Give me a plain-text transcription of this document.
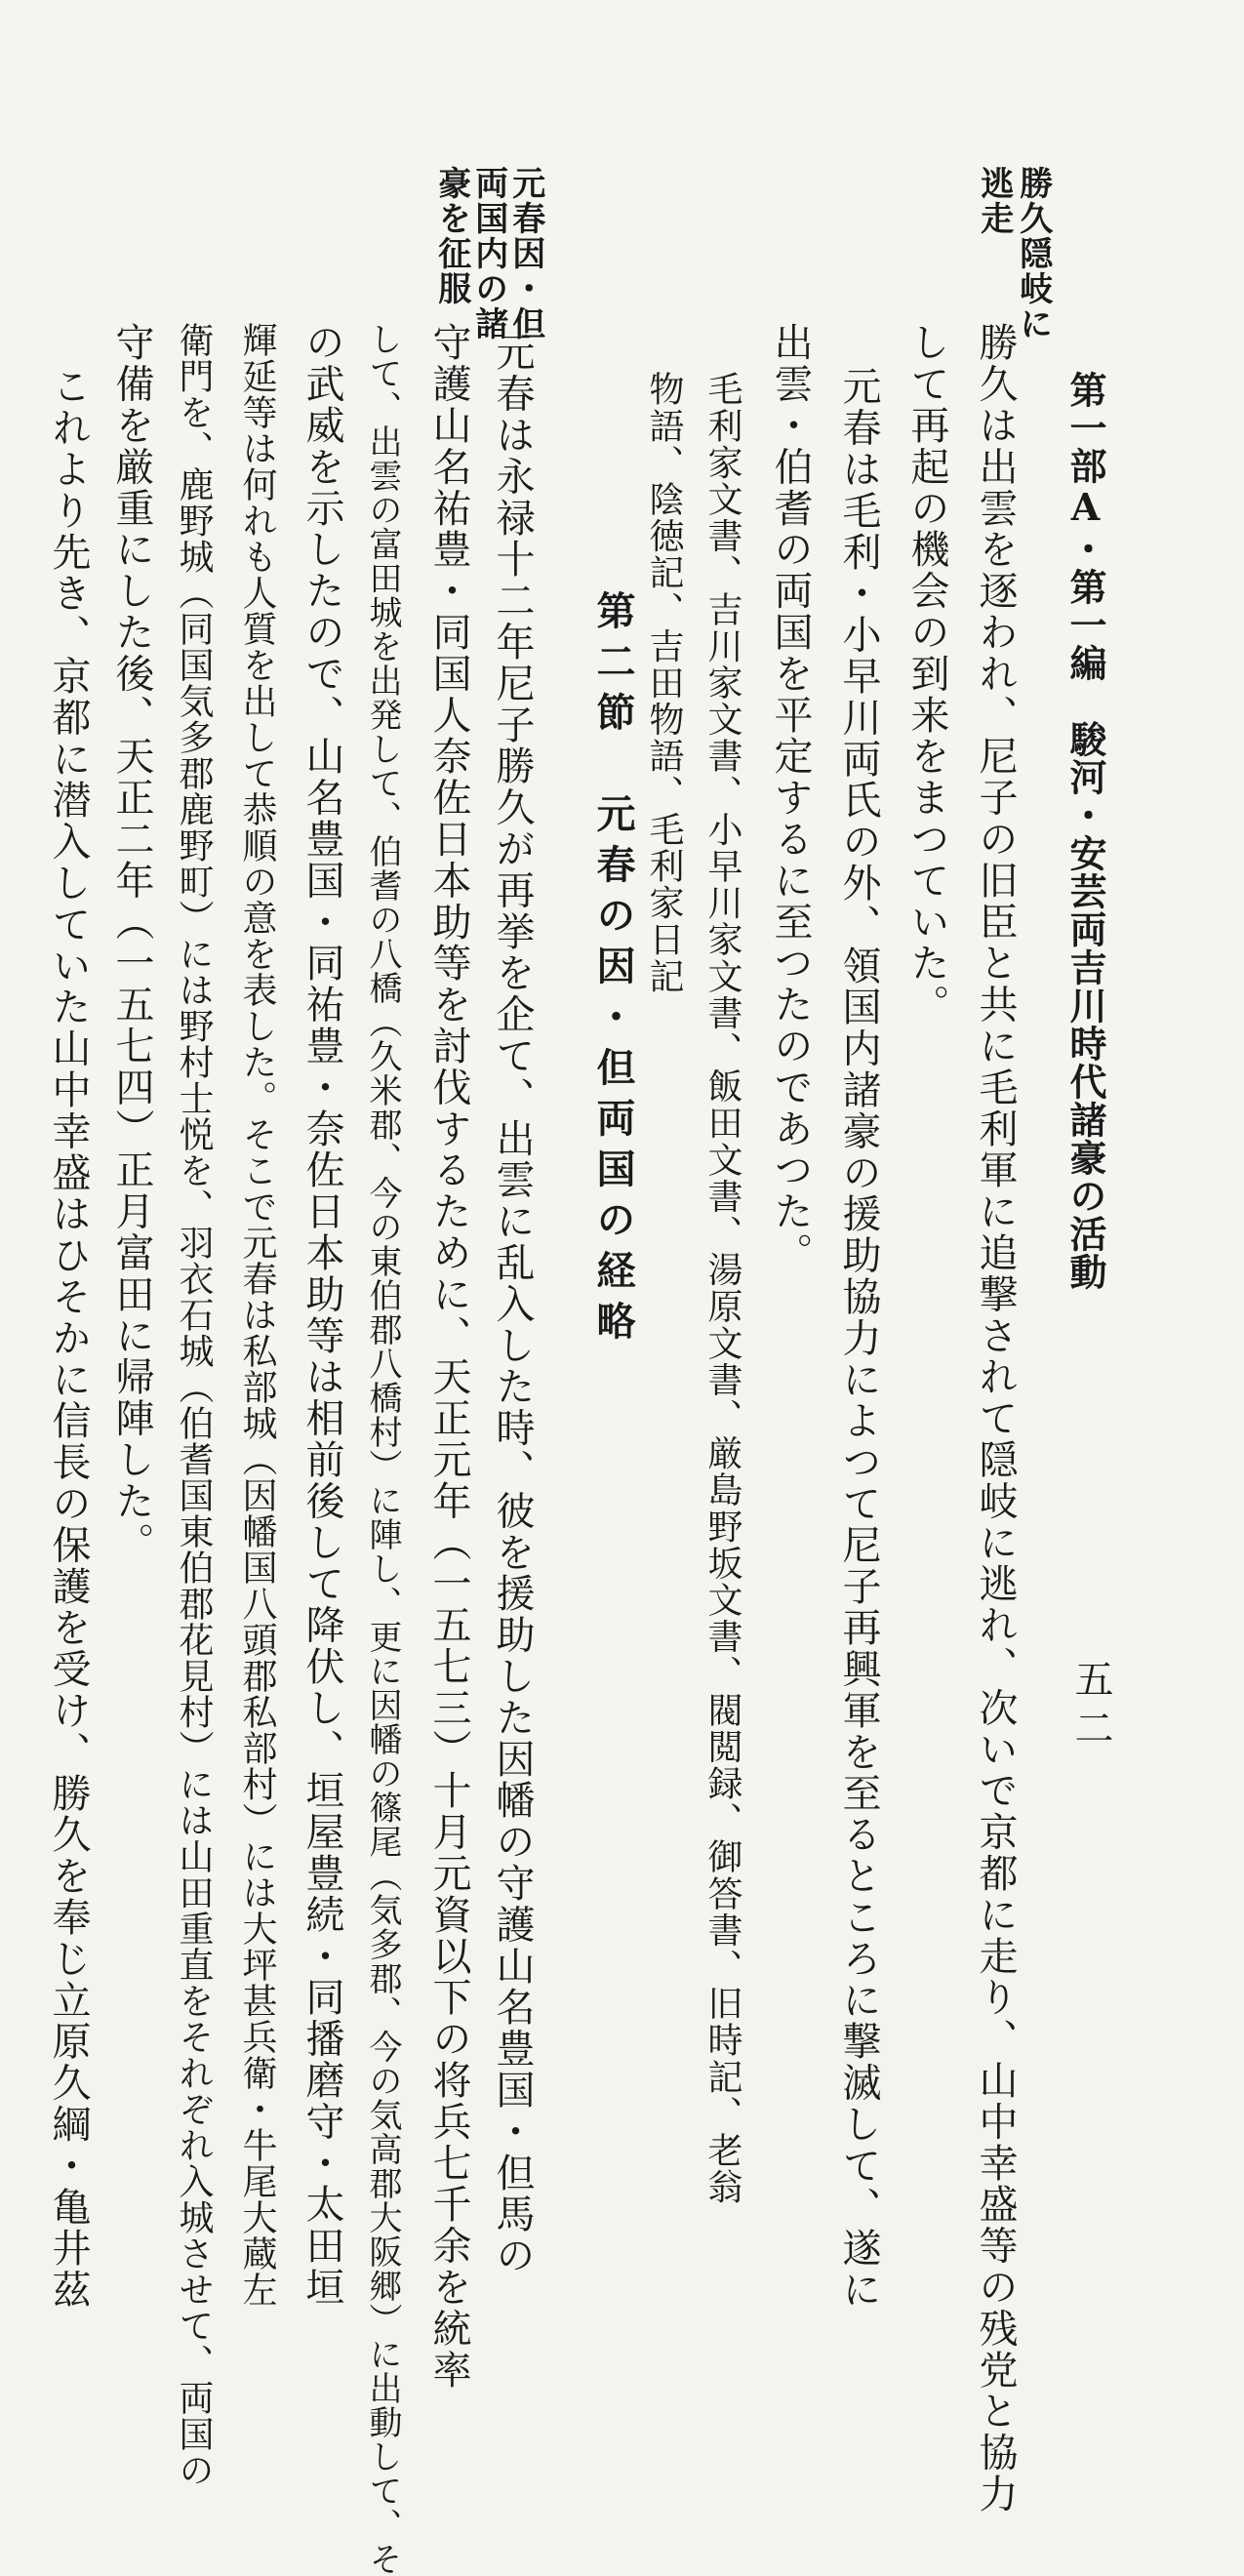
第一部A・第一編　駿河・安芸両吉川時代諸豪の活動
五二
勝久は出雲を逐われ、尼子の旧臣と共に毛利軍に追撃されて隠岐に逃れ、次いで京都に走り、山中幸盛等の残党と協力
して再起の機会の到来をまつていた。
元春は毛利・小早川両氏の外、領国内諸豪の援助協力によつて尼子再興軍を至るところに撃滅して、遂に
出雲・伯耆の両国を平定するに至つたのであつた。
毛利家文書、吉川家文書、小早川家文書、飯田文書、湯原文書、厳島野坂文書、閥閲録、御答書、旧時記、老翁
物語、陰徳記、吉田物語、毛利家日記
第二節　元春の因・但両国の経略
元春は永禄十二年尼子勝久が再挙を企て、出雲に乱入した時、彼を援助した因幡の守護山名豊国・但馬の
守護山名祐豊・同国人奈佐日本助等を討伐するために、天正元年（一五七三）十月元資以下の将兵七千余を統率
して、出雲の富田城を出発して、伯耆の八橋（久米郡、今の東伯郡八橋村）に陣し、更に因幡の篠尾（気多郡、今の気高郡大阪郷）に出動して、そ
の武威を示したので、山名豊国・同祐豊・奈佐日本助等は相前後して降伏し、垣屋豊続・同播磨守・太田垣
輝延等は何れも人質を出して恭順の意を表した。そこで元春は私部城（因幡国八頭郡私部村）には大坪甚兵衛・牛尾大蔵左
衛門を、鹿野城（同国気多郡鹿野町）には野村士悦を、羽衣石城（伯耆国東伯郡花見村）には山田重直をそれぞれ入城させて、両国の
守備を厳重にした後、天正二年（一五七四）正月富田に帰陣した。
これより先き、京都に潜入していた山中幸盛はひそかに信長の保護を受け、勝久を奉じ立原久綱・亀井茲
勝久隠岐に
逃走
元春因・但
両国内の諸
豪を征服
